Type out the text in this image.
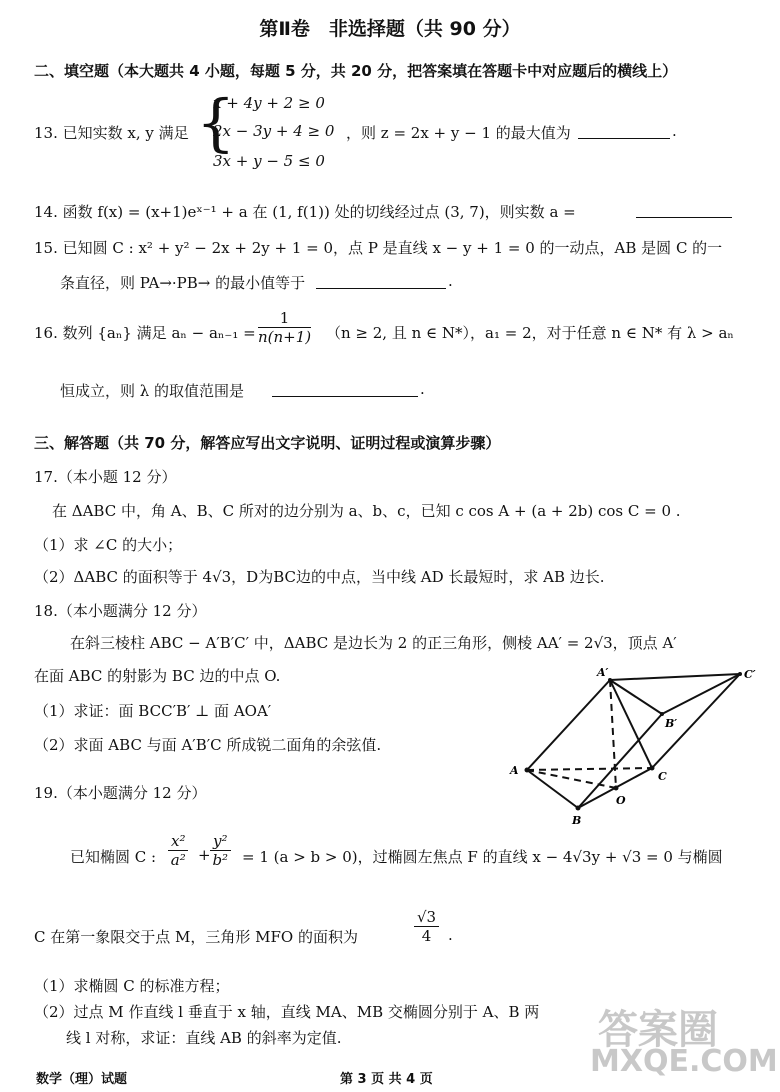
第Ⅱ卷　非选择题（共 90 分）
二、填空题（本大题共 4 小题，每题 5 分，共 20 分，把答案填在答题卡中对应题后的横线上）
13. 已知实数 x, y 满足 {
x + 4y + 2 ≥ 0
2x − 3y + 4 ≥ 0
3x + y − 5 ≤ 0
，则 z = 2x + y − 1 的最大值为	.
14. 函数 f(x) = (x+1)eˣ⁻¹ + a 在 (1, f(1)) 处的切线经过点 (3, 7)，则实数 a =
15. 已知圆 C : x² + y² − 2x + 2y + 1 = 0，点 P 是直线 x − y + 1 = 0 的一动点，AB 是圆 C 的一
条直径，则 PA→·PB→ 的最小值等于	.
16. 数列 {aₙ} 满足 $a_n - a_{n-1} = \frac{1}{n(n+1)} (n \ge 2$, 且 n ∈ N*），a₁ = 2，对于任意 n ∈ N* 有 λ > aₙ
恒成立，则 λ 的取值范围是	.
三、解答题（共 70 分，解答应写出文字说明、证明过程或演算步骤）
17.（本小题 12 分）
在 ΔABC 中，角 A、B、C 所对的边分别为 a、b、c，已知 c cos A + (a + 2b) cos C = 0 .
（1）求 ∠C 的大小；
（2）ΔABC 的面积等于 4√3，D为BC边的中点，当中线 AD 长最短时，求 AB 边长.
18.（本小题满分 12 分）
在斜三棱柱 ABC − A′B′C′ 中，ΔABC 是边长为 2 的正三角形，侧棱 AA′ = 2√3，顶点 A′
在面 ABC 的射影为 BC 边的中点 O.
（1）求证：面 BCC′B′ ⊥ 面 AOA′
（2）求面 ABC 与面 A′B′C 所成锐二面角的余弦值.
A′	C′
B′
A	C
O
B
19.（本小题满分 12 分）
已知椭圆 C : $\frac{\text{x²}}{\text{a²}} + \frac{\text{y²}}{\text{b²}} = 1$ (a > b > 0)，过椭圆左焦点 F 的直线 x − 4√3y + √3 = 0 与椭圆
C 在第一象限交于点 M，三角形 MFO 的面积为	$\frac{√3}{4}$ .
（1）求椭圆 C 的标准方程；
（2）过点 M 作直线 l 垂直于 x 轴，直线 MA、MB 交椭圆分别于 A、B 两
线 l 对称，求证：直线 AB 的斜率为定值.
数学（理）试题	第 3 页 共 4 页
答案圈
MXQE.COM
